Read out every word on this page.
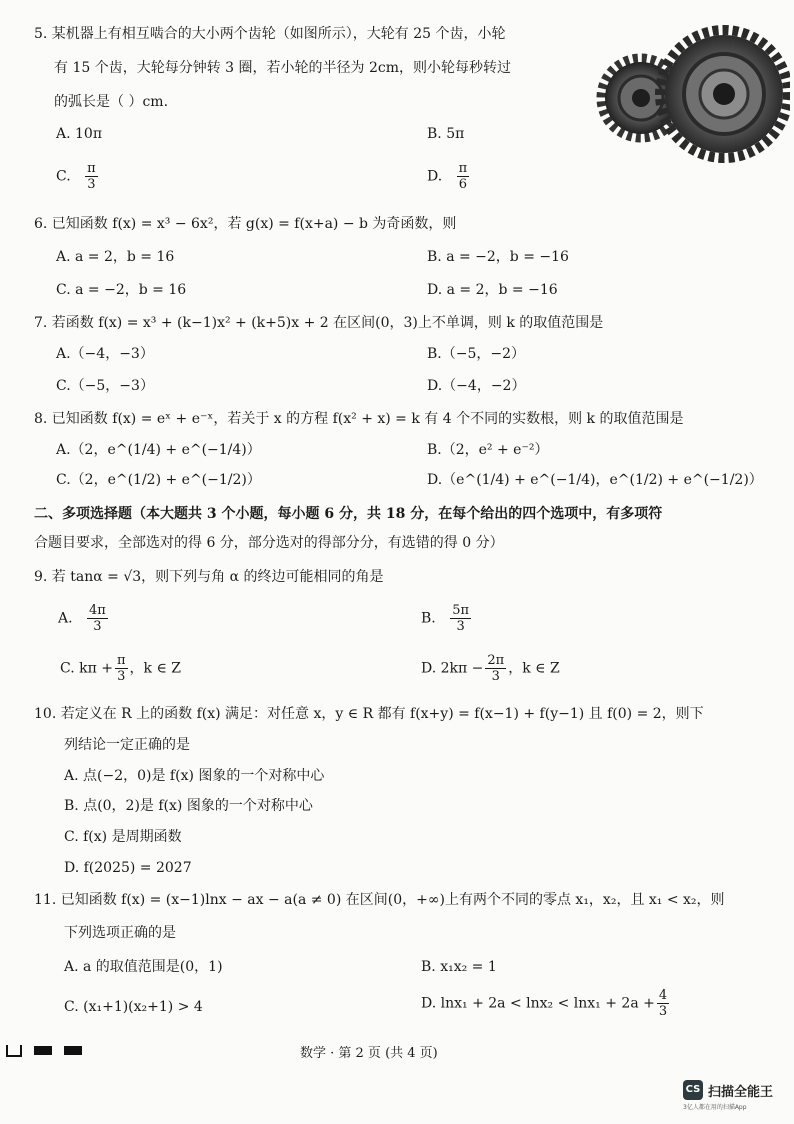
5. 某机器上有相互啮合的大小两个齿轮（如图所示），大轮有 25 个齿，小轮
有 15 个齿，大轮每分钟转 3 圈，若小轮的半径为 2cm，则小轮每秒转过
的弧长是（ ）cm.
A. 10π	B. 5π
C. $\frac{\pi}{3}$	D. $\frac{\pi}{6}$
6. 已知函数 f(x) = x³ − 6x²，若 g(x) = f(x+a) − b 为奇函数，则
A. a = 2，b = 16	B. a = −2，b = −16
C. a = −2，b = 16	D. a = 2，b = −16
7. 若函数 f(x) = x³ + (k−1)x² + (k+5)x + 2 在区间(0，3)上不单调，则 k 的取值范围是
A.（−4，−3）	B.（−5，−2）
C.（−5，−3）	D.（−4，−2）
8. 已知函数 f(x) = eˣ + e⁻ˣ，若关于 x 的方程 f(x² + x) = k 有 4 个不同的实数根，则 k 的取值范围是
A.（2，e^(1/4) + e^(−1/4)）	B.（2，e² + e⁻²）
C.（2，e^(1/2) + e^(−1/2)）	D.（e^(1/4) + e^(−1/4)，e^(1/2) + e^(−1/2)）
二、多项选择题（本大题共 3 个小题，每小题 6 分，共 18 分，在每个给出的四个选项中，有多项符
合题目要求，全部选对的得 6 分，部分选对的得部分分，有选错的得 0 分）
9. 若 tanα = √3，则下列与角 α 的终边可能相同的角是
A. $\frac{4\pi}{3}$	B. $\frac{5\pi}{3}$
C. $k\pi + \frac{\pi}{3}$ ，k ∈ Z	D. $2k\pi - \frac{2\pi}{3}$ ，k ∈ Z
10. 若定义在 R 上的函数 f(x) 满足：对任意 x，y ∈ R 都有 f(x+y) = f(x−1) + f(y−1) 且 f(0) = 2，则下
列结论一定正确的是
A. 点(−2，0)是 f(x) 图象的一个对称中心
B. 点(0，2)是 f(x) 图象的一个对称中心
C. f(x) 是周期函数
D. f(2025) = 2027
11. 已知函数 f(x) = (x−1)lnx − ax − a(a ≠ 0) 在区间(0，+∞)上有两个不同的零点 x₁，x₂，且 x₁ < x₂，则
下列选项正确的是
A. a 的取值范围是(0，1)	B. x₁x₂ = 1
C. (x₁+1)(x₂+1) > 4	D. $\ln x_1 + 2a < \ln x_2 < \ln x_1 + 2a + \frac{4}{3}$
数学 · 第 2 页 (共 4 页)
CS 扫描全能王
3亿人都在用的扫描App
